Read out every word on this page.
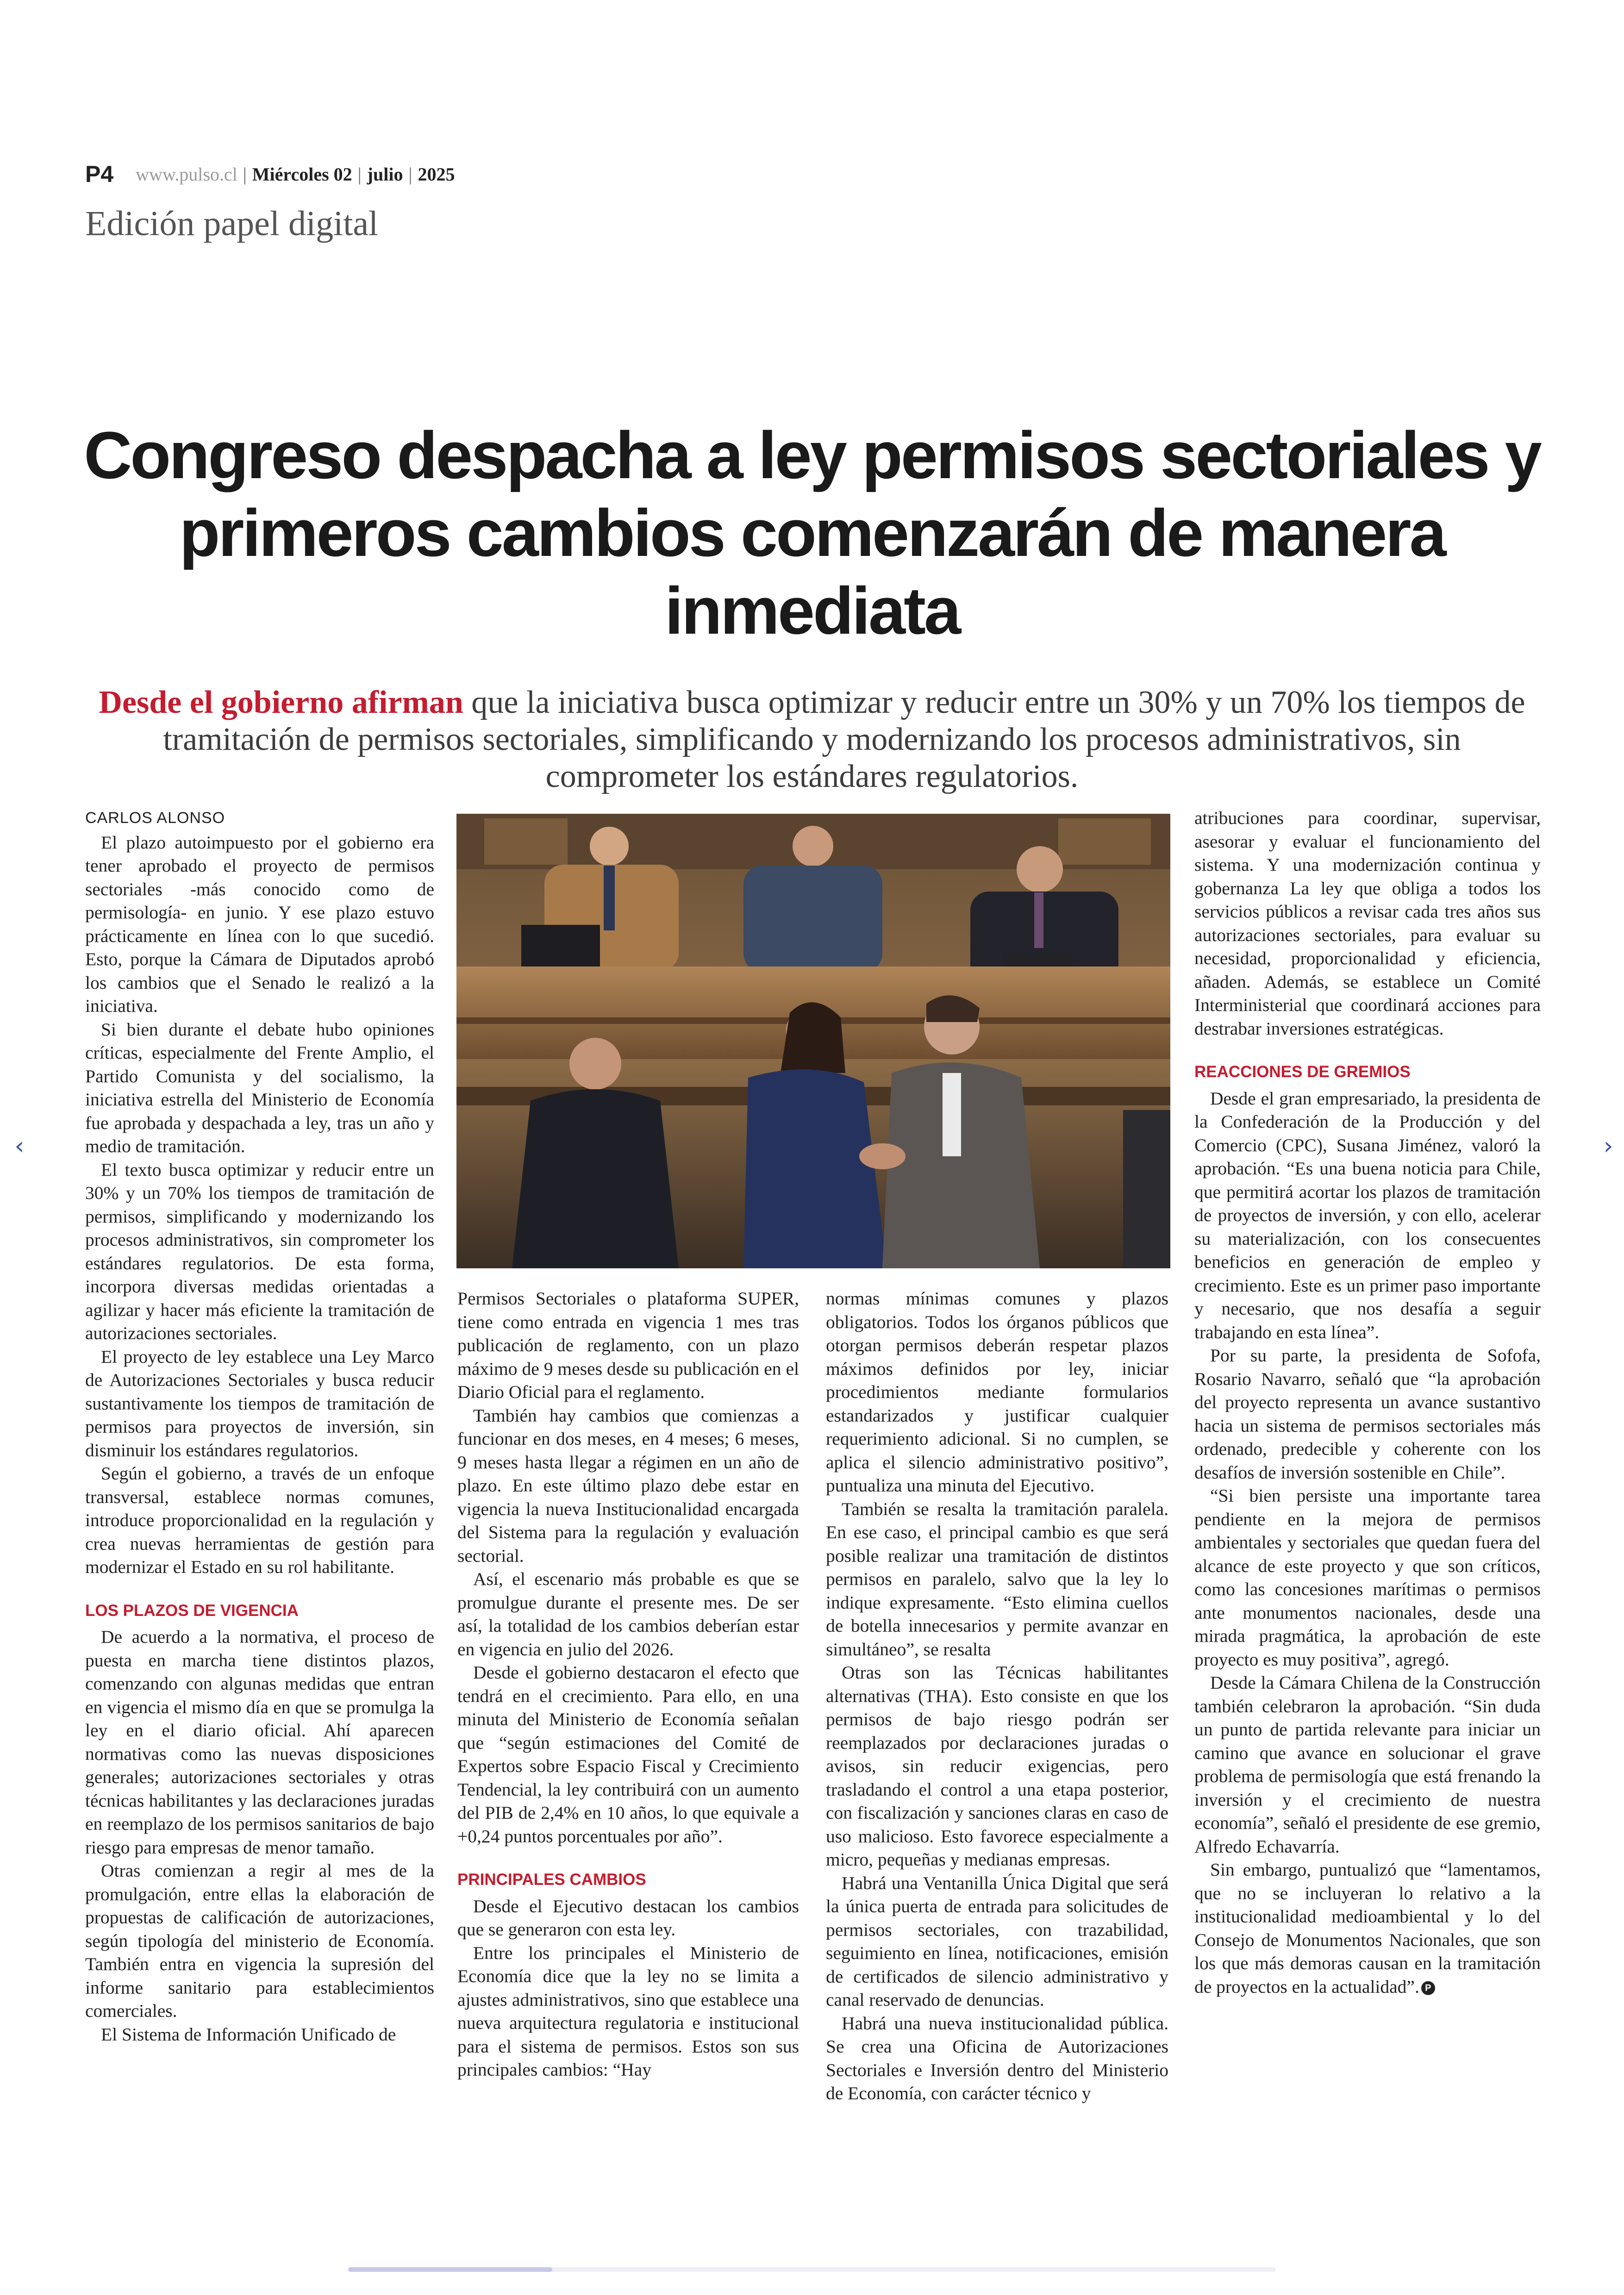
P4 www.pulso.cl | Miércoles 02 | julio | 2025
Edición papel digital
Congreso despacha a ley permisos sectoriales y primeros cambios comenzarán de manera inmediata

Desde el gobierno afirman que la iniciativa busca optimizar y reducir entre un 30% y un 70% los tiempos de tramitación de permisos sectoriales, simplificando y modernizando los procesos administrativos, sin comprometer los estándares regulatorios.

CARLOS ALONSO

El plazo autoimpuesto por el gobierno era tener aprobado el proyecto de permisos sectoriales -más conocido como de permisología- en junio. Y ese plazo estuvo prácticamente en línea con lo que sucedió. Esto, porque la Cámara de Diputados aprobó los cambios que el Senado le realizó a la iniciativa.

Si bien durante el debate hubo opiniones críticas, especialmente del Frente Amplio, el Partido Comunista y del socialismo, la iniciativa estrella del Ministerio de Economía fue aprobada y despachada a ley, tras un año y medio de tramitación.

El texto busca optimizar y reducir entre un 30% y un 70% los tiempos de tramitación de permisos, simplificando y modernizando los procesos administrativos, sin comprometer los estándares regulatorios. De esta forma, incorpora diversas medidas orientadas a agilizar y hacer más eficiente la tramitación de autorizaciones sectoriales.

El proyecto de ley establece una Ley Marco de Autorizaciones Sectoriales y busca reducir sustantivamente los tiempos de tramitación de permisos para proyectos de inversión, sin disminuir los estándares regulatorios.

Según el gobierno, a través de un enfoque transversal, establece normas comunes, introduce proporcionalidad en la regulación y crea nuevas herramientas de gestión para modernizar el Estado en su rol habilitante.

LOS PLAZOS DE VIGENCIA

De acuerdo a la normativa, el proceso de puesta en marcha tiene distintos plazos, comenzando con algunas medidas que entran en vigencia el mismo día en que se promulga la ley en el diario oficial. Ahí aparecen normativas como las nuevas disposiciones generales; autorizaciones sectoriales y otras técnicas habilitantes y las declaraciones juradas en reemplazo de los permisos sanitarios de bajo riesgo para empresas de menor tamaño.

Otras comienzan a regir al mes de la promulgación, entre ellas la elaboración de propuestas de calificación de autorizaciones, según tipología del ministerio de Economía. También entra en vigencia la supresión del informe sanitario para establecimientos comerciales.

El Sistema de Información Unificado de

Permisos Sectoriales o plataforma SUPER, tiene como entrada en vigencia 1 mes tras publicación de reglamento, con un plazo máximo de 9 meses desde su publicación en el Diario Oficial para el reglamento.

También hay cambios que comienzas a funcionar en dos meses, en 4 meses; 6 meses, 9 meses hasta llegar a régimen en un año de plazo. En este último plazo debe estar en vigencia la nueva Institucionalidad encargada del Sistema para la regulación y evaluación sectorial.

Así, el escenario más probable es que se promulgue durante el presente mes. De ser así, la totalidad de los cambios deberían estar en vigencia en julio del 2026.

Desde el gobierno destacaron el efecto que tendrá en el crecimiento. Para ello, en una minuta del Ministerio de Economía señalan que “según estimaciones del Comité de Expertos sobre Espacio Fiscal y Crecimiento Tendencial, la ley contribuirá con un aumento del PIB de 2,4% en 10 años, lo que equivale a +0,24 puntos porcentuales por año”.

PRINCIPALES CAMBIOS

Desde el Ejecutivo destacan los cambios que se generaron con esta ley.

Entre los principales el Ministerio de Economía dice que la ley no se limita a ajustes administrativos, sino que establece una nueva arquitectura regulatoria e institucional para el sistema de permisos. Estos son sus principales cambios: “Hay

normas mínimas comunes y plazos obligatorios. Todos los órganos públicos que otorgan permisos deberán respetar plazos máximos definidos por ley, iniciar procedimientos mediante formularios estandarizados y justificar cualquier requerimiento adicional. Si no cumplen, se aplica el silencio administrativo positivo”, puntualiza una minuta del Ejecutivo.

También se resalta la tramitación paralela. En ese caso, el principal cambio es que será posible realizar una tramitación de distintos permisos en paralelo, salvo que la ley lo indique expresamente. “Esto elimina cuellos de botella innecesarios y permite avanzar en simultáneo”, se resalta

Otras son las Técnicas habilitantes alternativas (THA). Esto consiste en que los permisos de bajo riesgo podrán ser reemplazados por declaraciones juradas o avisos, sin reducir exigencias, pero trasladando el control a una etapa posterior, con fiscalización y sanciones claras en caso de uso malicioso. Esto favorece especialmente a micro, pequeñas y medianas empresas.

Habrá una Ventanilla Única Digital que será la única puerta de entrada para solicitudes de permisos sectoriales, con trazabilidad, seguimiento en línea, notificaciones, emisión de certificados de silencio administrativo y canal reservado de denuncias.

Habrá una nueva institucionalidad pública. Se crea una Oficina de Autorizaciones Sectoriales e Inversión dentro del Ministerio de Economía, con carácter técnico y

atribuciones para coordinar, supervisar, asesorar y evaluar el funcionamiento del sistema. Y una modernización continua y gobernanza La ley que obliga a todos los servicios públicos a revisar cada tres años sus autorizaciones sectoriales, para evaluar su necesidad, proporcionalidad y eficiencia, añaden. Además, se establece un Comité Interministerial que coordinará acciones para destrabar inversiones estratégicas.

REACCIONES DE GREMIOS

Desde el gran empresariado, la presidenta de la Confederación de la Producción y del Comercio (CPC), Susana Jiménez, valoró la aprobación. “Es una buena noticia para Chile, que permitirá acortar los plazos de tramitación de proyectos de inversión, y con ello, acelerar su materialización, con los consecuentes beneficios en generación de empleo y crecimiento. Este es un primer paso importante y necesario, que nos desafía a seguir trabajando en esta línea”.

Por su parte, la presidenta de Sofofa, Rosario Navarro, señaló que “la aprobación del proyecto representa un avance sustantivo hacia un sistema de permisos sectoriales más ordenado, predecible y coherente con los desafíos de inversión sostenible en Chile”.

“Si bien persiste una importante tarea pendiente en la mejora de permisos ambientales y sectoriales que quedan fuera del alcance de este proyecto y que son críticos, como las concesiones marítimas o permisos ante monumentos nacionales, desde una mirada pragmática, la aprobación de este proyecto es muy positiva”, agregó.

Desde la Cámara Chilena de la Construcción también celebraron la aprobación. “Sin duda un punto de partida relevante para iniciar un camino que avance en solucionar el grave problema de permisología que está frenando la inversión y el crecimiento de nuestra economía”, señaló el presidente de ese gremio, Alfredo Echavarría.

Sin embargo, puntualizó que “lamentamos, que no se incluyeran lo relativo a la institucionalidad medioambiental y lo del Consejo de Monumentos Nacionales, que son los que más demoras causan en la tramitación de proyectos en la actualidad”. P

‹	›
